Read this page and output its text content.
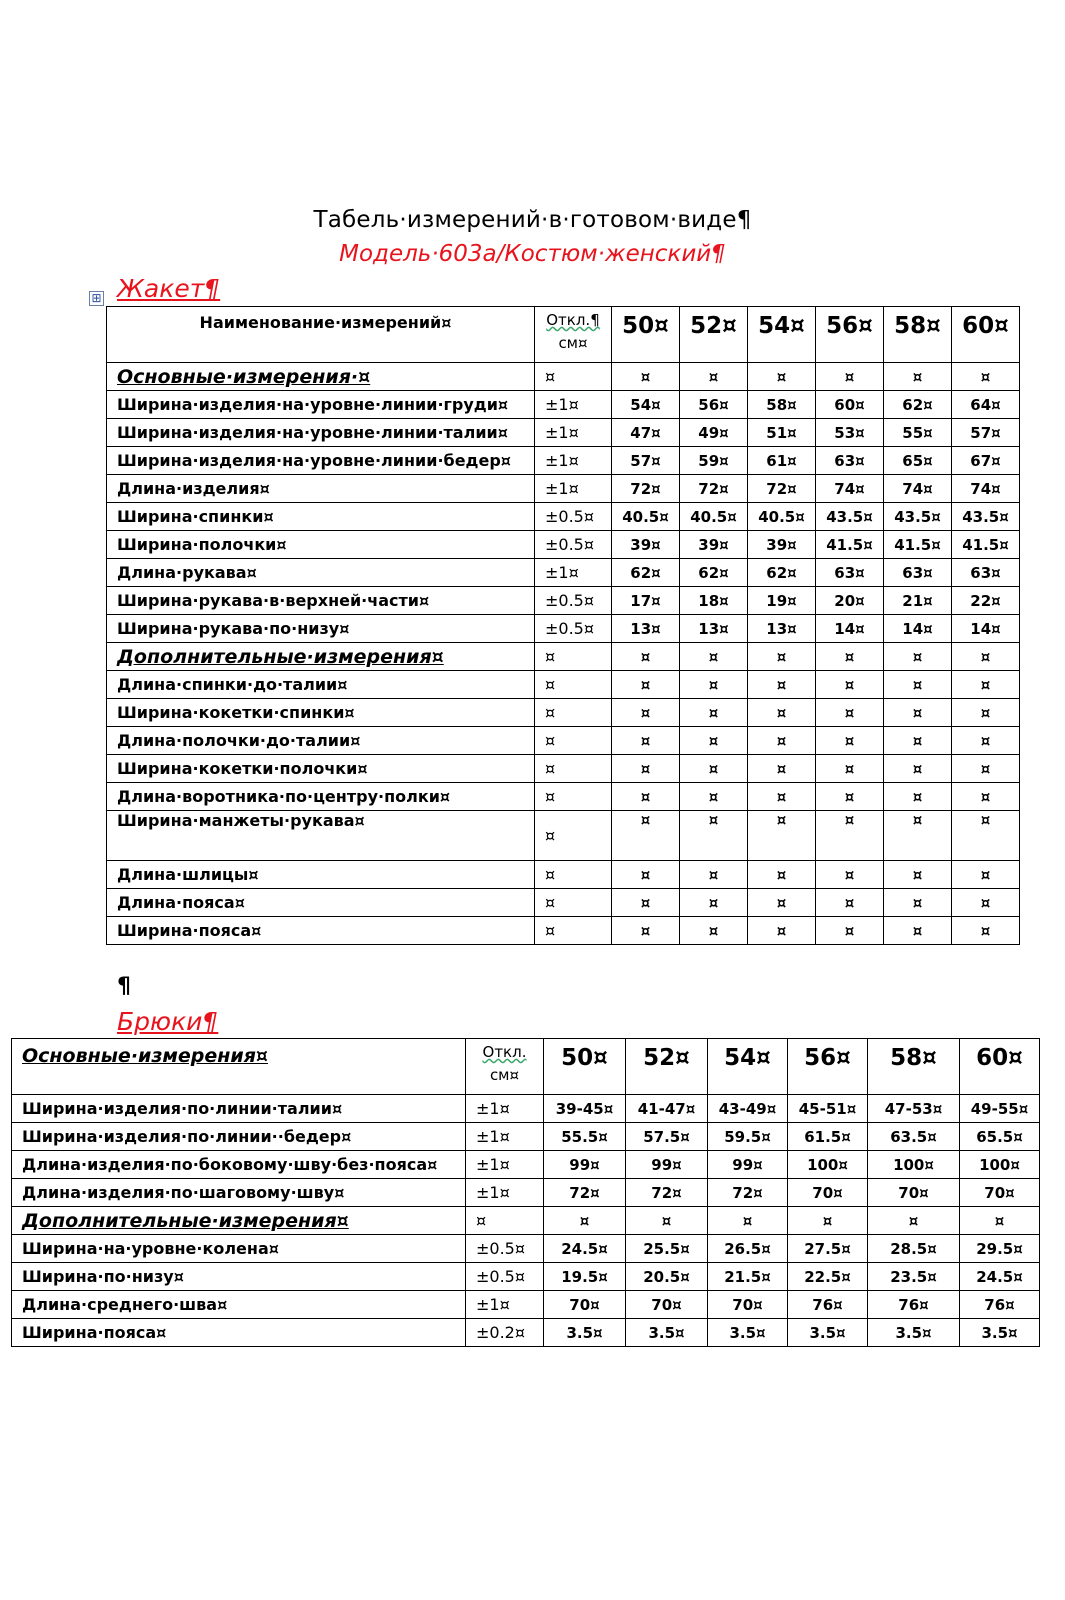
Табель·измерений·в·готовом·виде¶
Модель·603а/Костюм·женский¶
⊞ Жакет¶
Наименование·измерений¤	Откл.¶
см¤	50¤	52¤	54¤	56¤	58¤	60¤
Основные·измерения·¤	¤	¤	¤	¤	¤	¤	¤
Ширина·изделия·на·уровне·линии·груди¤	±1¤	54¤	56¤	58¤	60¤	62¤	64¤
Ширина·изделия·на·уровне·линии·талии¤	±1¤	47¤	49¤	51¤	53¤	55¤	57¤
Ширина·изделия·на·уровне·линии·бедер¤	±1¤	57¤	59¤	61¤	63¤	65¤	67¤
Длина·изделия¤	±1¤	72¤	72¤	72¤	74¤	74¤	74¤
Ширина·спинки¤	±0.5¤	40.5¤	40.5¤	40.5¤	43.5¤	43.5¤	43.5¤
Ширина·полочки¤	±0.5¤	39¤	39¤	39¤	41.5¤	41.5¤	41.5¤
Длина·рукава¤	±1¤	62¤	62¤	62¤	63¤	63¤	63¤
Ширина·рукава·в·верхней·части¤	±0.5¤	17¤	18¤	19¤	20¤	21¤	22¤
Ширина·рукава·по·низу¤	±0.5¤	13¤	13¤	13¤	14¤	14¤	14¤
Дополнительные·измерения¤	¤	¤	¤	¤	¤	¤	¤
Длина·спинки·до·талии¤	¤	¤	¤	¤	¤	¤	¤
Ширина·кокетки·спинки¤	¤	¤	¤	¤	¤	¤	¤
Длина·полочки·до·талии¤	¤	¤	¤	¤	¤	¤	¤
Ширина·кокетки·полочки¤	¤	¤	¤	¤	¤	¤	¤
Длина·воротника·по·центру·полки¤	¤	¤	¤	¤	¤	¤	¤
Ширина·манжеты·рукава¤	¤	¤	¤	¤	¤	¤	¤
Длина·шлицы¤	¤	¤	¤	¤	¤	¤	¤
Длина·пояса¤	¤	¤	¤	¤	¤	¤	¤
Ширина·пояса¤	¤	¤	¤	¤	¤	¤	¤
¶
Брюки¶
Основные·измерения¤	Откл.
см¤	50¤	52¤	54¤	56¤	58¤	60¤
Ширина·изделия·по·линии·талии¤	±1¤	39-45¤	41-47¤	43-49¤	45-51¤	47-53¤	49-55¤
Ширина·изделия·по·линии··бедер¤	±1¤	55.5¤	57.5¤	59.5¤	61.5¤	63.5¤	65.5¤
Длина·изделия·по·боковому·шву·без·пояса¤	±1¤	99¤	99¤	99¤	100¤	100¤	100¤
Длина·изделия·по·шаговому·шву¤	±1¤	72¤	72¤	72¤	70¤	70¤	70¤
Дополнительные·измерения¤	¤	¤	¤	¤	¤	¤	¤
Ширина·на·уровне·колена¤	±0.5¤	24.5¤	25.5¤	26.5¤	27.5¤	28.5¤	29.5¤
Ширина·по·низу¤	±0.5¤	19.5¤	20.5¤	21.5¤	22.5¤	23.5¤	24.5¤
Длина·среднего·шва¤	±1¤	70¤	70¤	70¤	76¤	76¤	76¤
Ширина·пояса¤	±0.2¤	3.5¤	3.5¤	3.5¤	3.5¤	3.5¤	3.5¤
